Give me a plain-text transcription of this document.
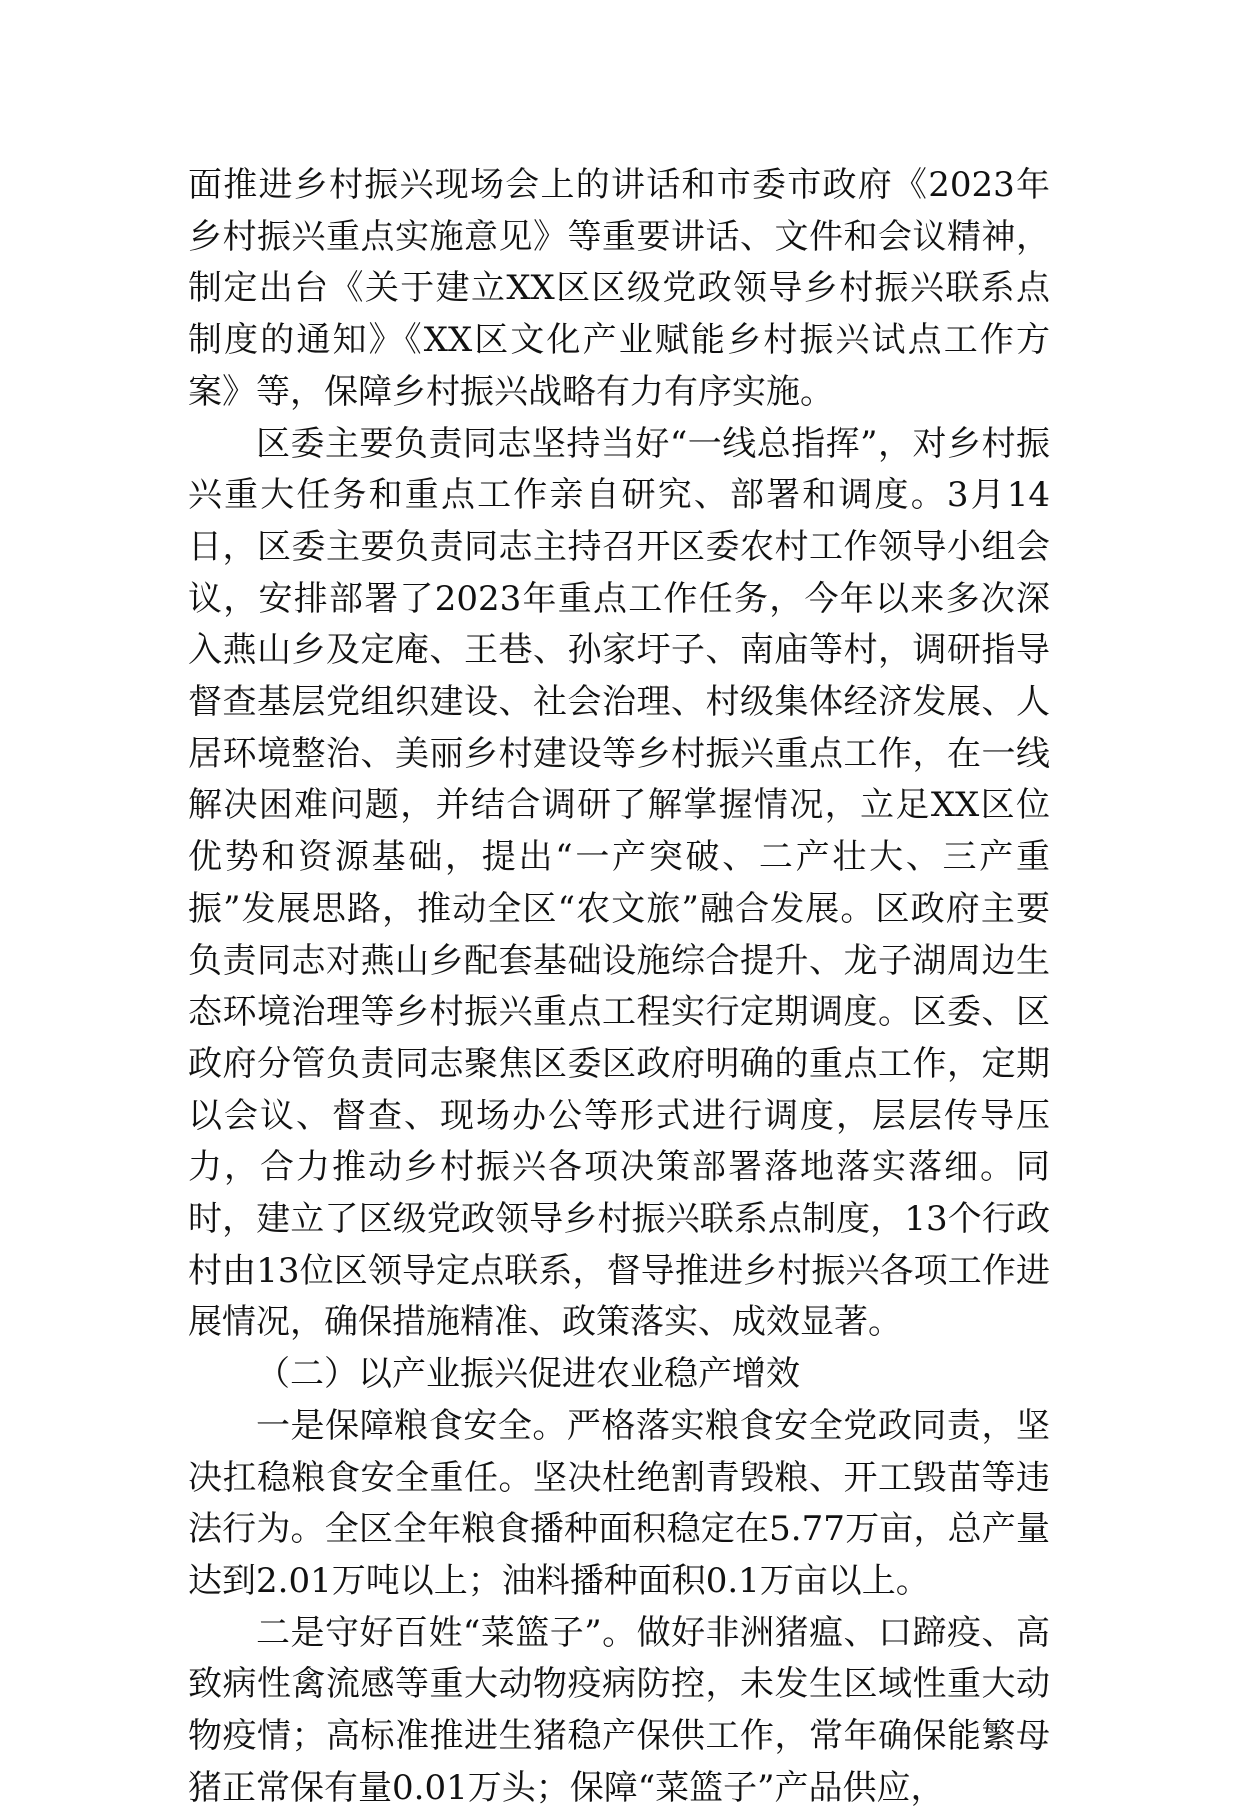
面推进乡村振兴现场会上的讲话和市委市政府《2023年乡村振兴重点实施意见》等重要讲话、文件和会议精神，制定出台《关于建立XX区区级党政领导乡村振兴联系点制度的通知》《XX区文化产业赋能乡村振兴试点工作方案》等，保障乡村振兴战略有力有序实施。

区委主要负责同志坚持当好“一线总指挥”，对乡村振兴重大任务和重点工作亲自研究、部署和调度。3月14日，区委主要负责同志主持召开区委农村工作领导小组会议，安排部署了2023年重点工作任务，今年以来多次深入燕山乡及定庵、王巷、孙家圩子、南庙等村，调研指导督查基层党组织建设、社会治理、村级集体经济发展、人居环境整治、美丽乡村建设等乡村振兴重点工作，在一线解决困难问题，并结合调研了解掌握情况，立足XX区位优势和资源基础，提出“一产突破、二产壮大、三产重振”发展思路，推动全区“农文旅”融合发展。区政府主要负责同志对燕山乡配套基础设施综合提升、龙子湖周边生态环境治理等乡村振兴重点工程实行定期调度。区委、区政府分管负责同志聚焦区委区政府明确的重点工作，定期以会议、督查、现场办公等形式进行调度，层层传导压力，合力推动乡村振兴各项决策部署落地落实落细。同时，建立了区级党政领导乡村振兴联系点制度，13个行政村由13位区领导定点联系，督导推进乡村振兴各项工作进展情况，确保措施精准、政策落实、成效显著。

（二）以产业振兴促进农业稳产增效

一是保障粮食安全。严格落实粮食安全党政同责，坚决扛稳粮食安全重任。坚决杜绝割青毁粮、开工毁苗等违法行为。全区全年粮食播种面积稳定在5.77万亩，总产量达到2.01万吨以上；油料播种面积0.1万亩以上。

二是守好百姓“菜篮子”。做好非洲猪瘟、口蹄疫、高致病性禽流感等重大动物疫病防控，未发生区域性重大动物疫情；高标准推进生猪稳产保供工作，常年确保能繁母猪正常保有量0.01万头；保障“菜篮子”产品供应，
